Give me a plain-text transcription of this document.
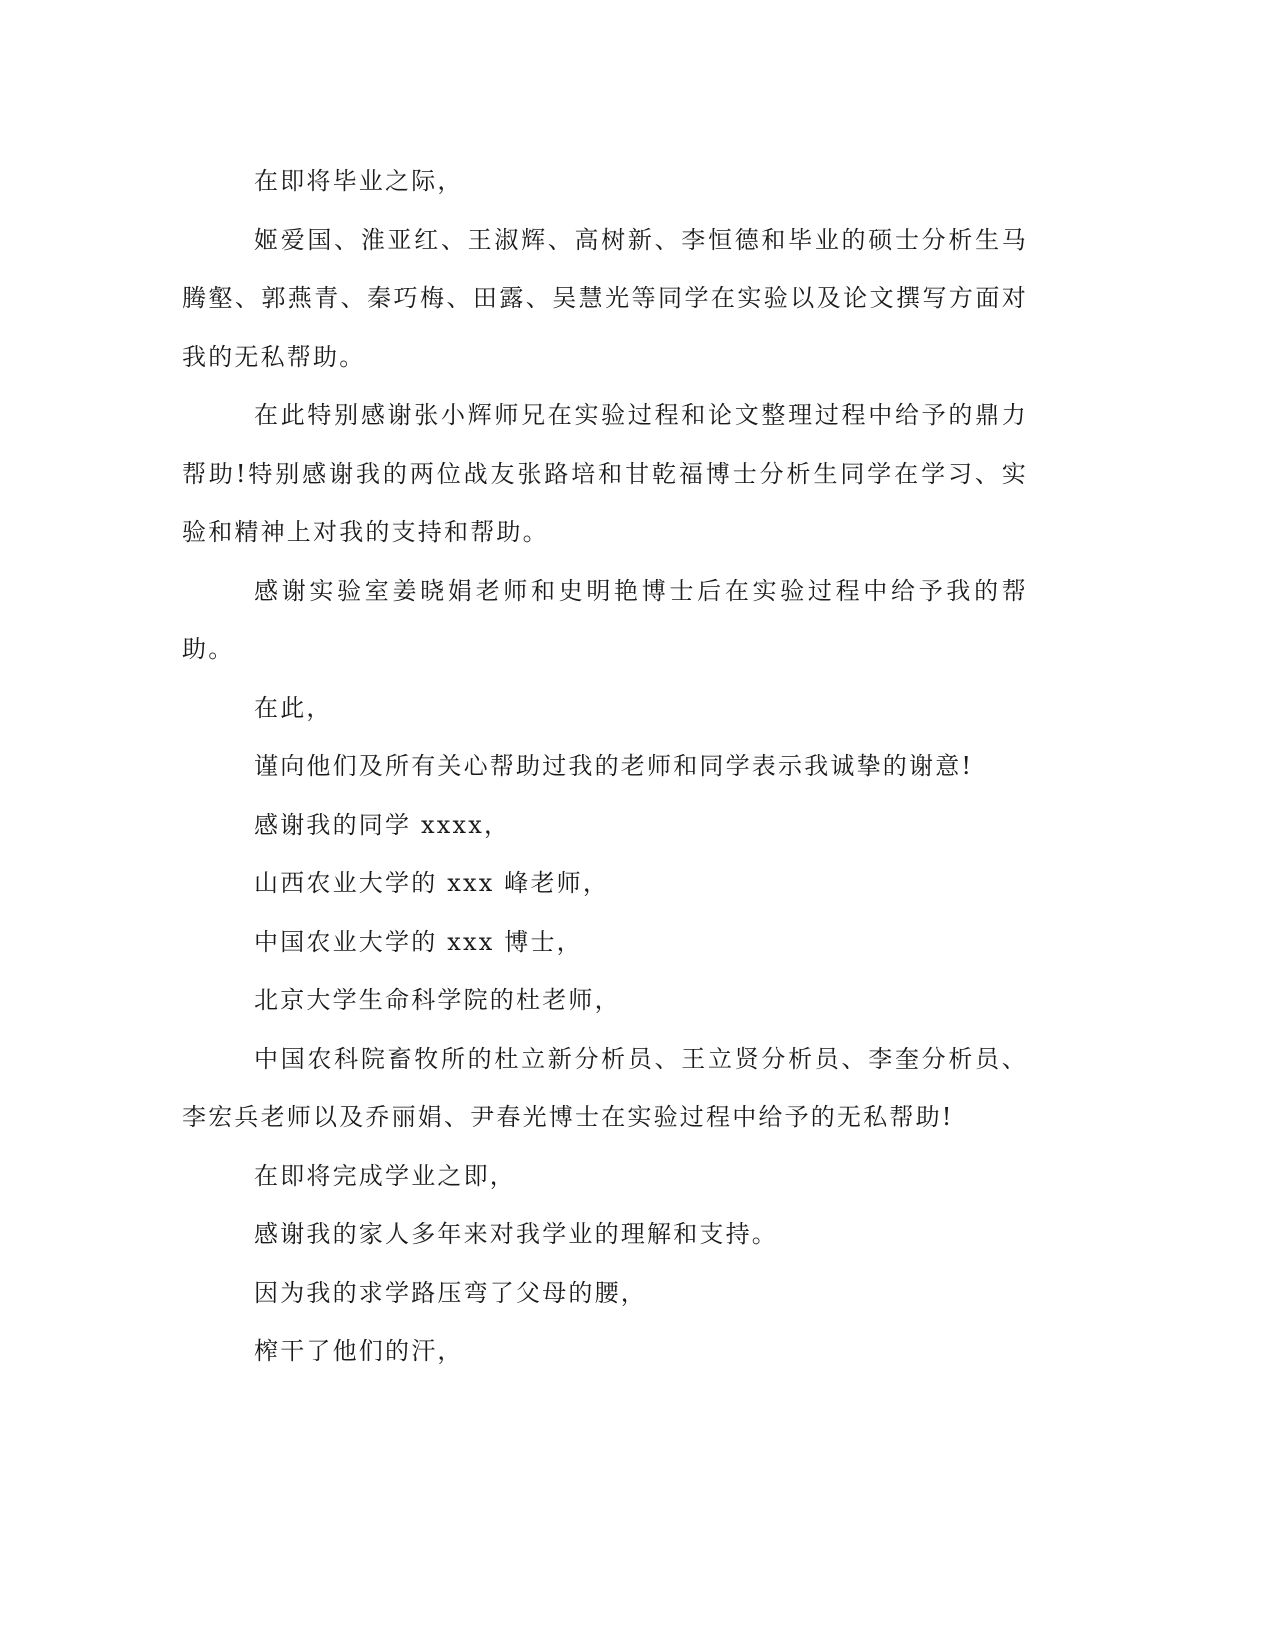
在即将毕业之际，

姬爱国、淮亚红、王淑辉、高树新、李恒德和毕业的硕士分析生马腾壑、郭燕青、秦巧梅、田露、吴慧光等同学在实验以及论文撰写方面对我的无私帮助。

在此特别感谢张小辉师兄在实验过程和论文整理过程中给予的鼎力帮助!特别感谢我的两位战友张路培和甘乾福博士分析生同学在学习、实验和精神上对我的支持和帮助。

感谢实验室姜晓娟老师和史明艳博士后在实验过程中给予我的帮助。

在此，

谨向他们及所有关心帮助过我的老师和同学表示我诚挚的谢意!

感谢我的同学 xxxx，

山西农业大学的 xxx 峰老师，

中国农业大学的 xxx 博士，

北京大学生命科学院的杜老师，

中国农科院畜牧所的杜立新分析员、王立贤分析员、李奎分析员、李宏兵老师以及乔丽娟、尹春光博士在实验过程中给予的无私帮助!

在即将完成学业之即，

感谢我的家人多年来对我学业的理解和支持。

因为我的求学路压弯了父母的腰，

榨干了他们的汗，
